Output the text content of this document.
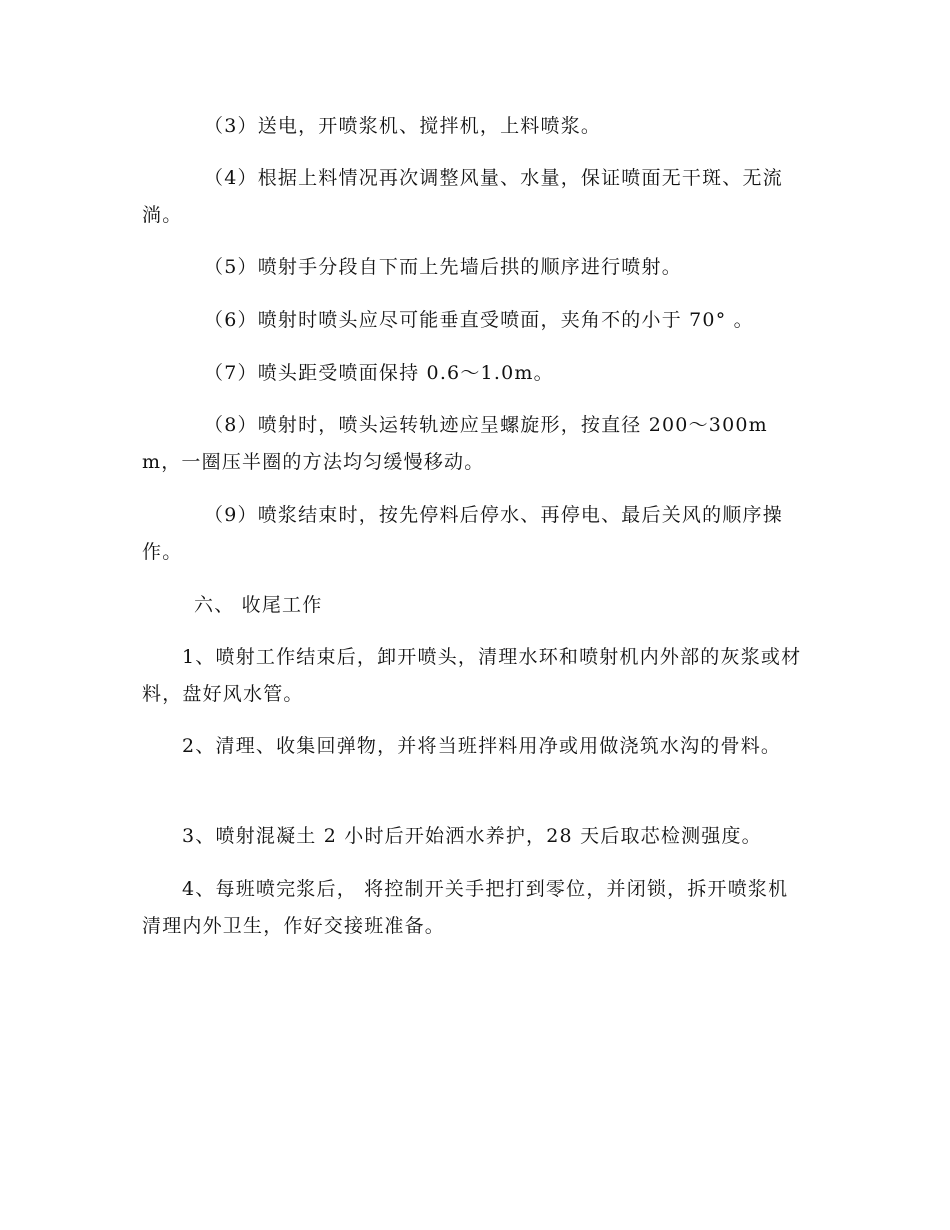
（3）送电，开喷浆机、搅拌机，上料喷浆。

（4）根据上料情况再次调整风量、水量，保证喷面无干斑、无流淌。

（5）喷射手分段自下而上先墙后拱的顺序进行喷射。

（6）喷射时喷头应尽可能垂直受喷面，夹角不的小于 70° 。

（7）喷头距受喷面保持 0.6～1.0m。

（8）喷射时，喷头运转轨迹应呈螺旋形，按直径 200～300mm，一圈压半圈的方法均匀缓慢移动。

（9）喷浆结束时，按先停料后停水、再停电、最后关风的顺序操作。

六、 收尾工作

1、喷射工作结束后，卸开喷头，清理水环和喷射机内外部的灰浆或材料，盘好风水管。

2、清理、收集回弹物，并将当班拌料用净或用做浇筑水沟的骨料。

3、喷射混凝土 2 小时后开始洒水养护，28 天后取芯检测强度。

4、每班喷完浆后， 将控制开关手把打到零位，并闭锁，拆开喷浆机清理内外卫生，作好交接班准备。
